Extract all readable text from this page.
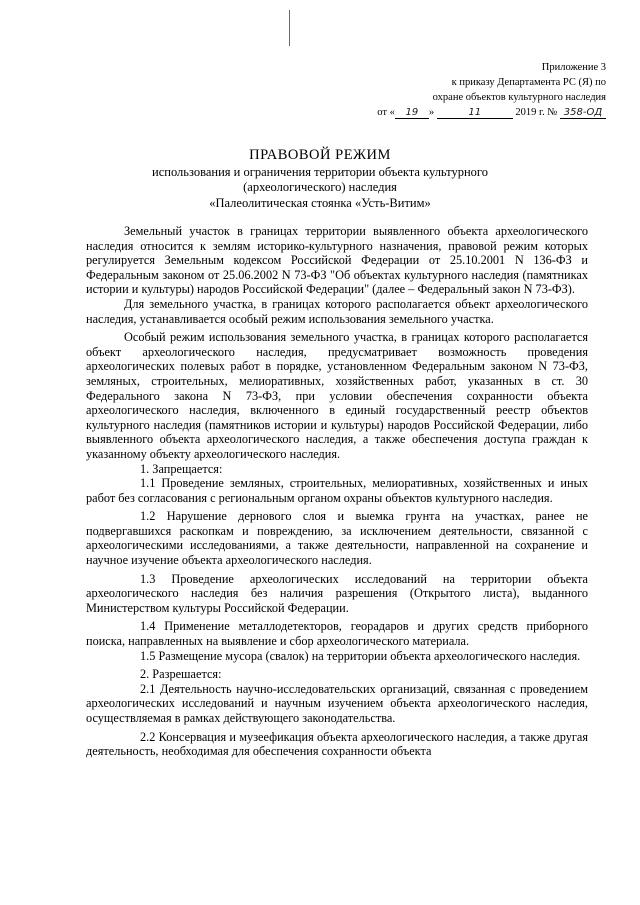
Приложение 3
к приказу Департамента РС (Я) по
охране объектов культурного наследия
от « 19 »	11	2019 г. № 358-ОД
ПРАВОВОЙ РЕЖИМ
использования и ограничения территории объекта культурного
(археологического) наследия
«Палеолитическая стоянка «Усть-Витим»

Земельный участок в границах территории выявленного объекта археологического наследия относится к землям историко-культурного назначения, правовой режим которых регулируется Земельным кодексом Российской Федерации от 25.10.2001 N 136-ФЗ и Федеральным законом от 25.06.2002 N 73-ФЗ "Об объектах культурного наследия (памятниках истории и культуры) народов Российской Федерации" (далее – Федеральный закон N 73-ФЗ).

Для земельного участка, в границах которого располагается объект археологического наследия, устанавливается особый режим использования земельного участка.

Особый режим использования земельного участка, в границах которого располагается объект археологического наследия, предусматривает возможность проведения археологических полевых работ в порядке, установленном Федеральным законом N 73-ФЗ, земляных, строительных, мелиоративных, хозяйственных работ, указанных в ст. 30 Федерального закона N 73-ФЗ, при условии обеспечения сохранности объекта археологического наследия, включенного в единый государственный реестр объектов культурного наследия (памятников истории и культуры) народов Российской Федерации, либо выявленного объекта археологического наследия, а также обеспечения доступа граждан к указанному объекту археологического наследия.

1. Запрещается:

1.1 Проведение земляных, строительных, мелиоративных, хозяйственных и иных работ без согласования с региональным органом охраны объектов культурного наследия.

1.2 Нарушение дернового слоя и выемка грунта на участках, ранее не подвергавшихся раскопкам и повреждению, за исключением деятельности, связанной с археологическими исследованиями, а также деятельности, направленной на сохранение и научное изучение объекта археологического наследия.

1.3 Проведение археологических исследований на территории объекта археологического наследия без наличия разрешения (Открытого листа), выданного Министерством культуры Российской Федерации.

1.4 Применение металлодетекторов, георадаров и других средств приборного поиска, направленных на выявление и сбор археологического материала.

1.5 Размещение мусора (свалок) на территории объекта археологического наследия.

2. Разрешается:

2.1 Деятельность научно-исследовательских организаций, связанная с проведением археологических исследований и научным изучением объекта археологического наследия, осуществляемая в рамках действующего законодательства.

2.2 Консервация и музеефикация объекта археологического наследия, а также другая деятельность, необходимая для обеспечения сохранности объекта
